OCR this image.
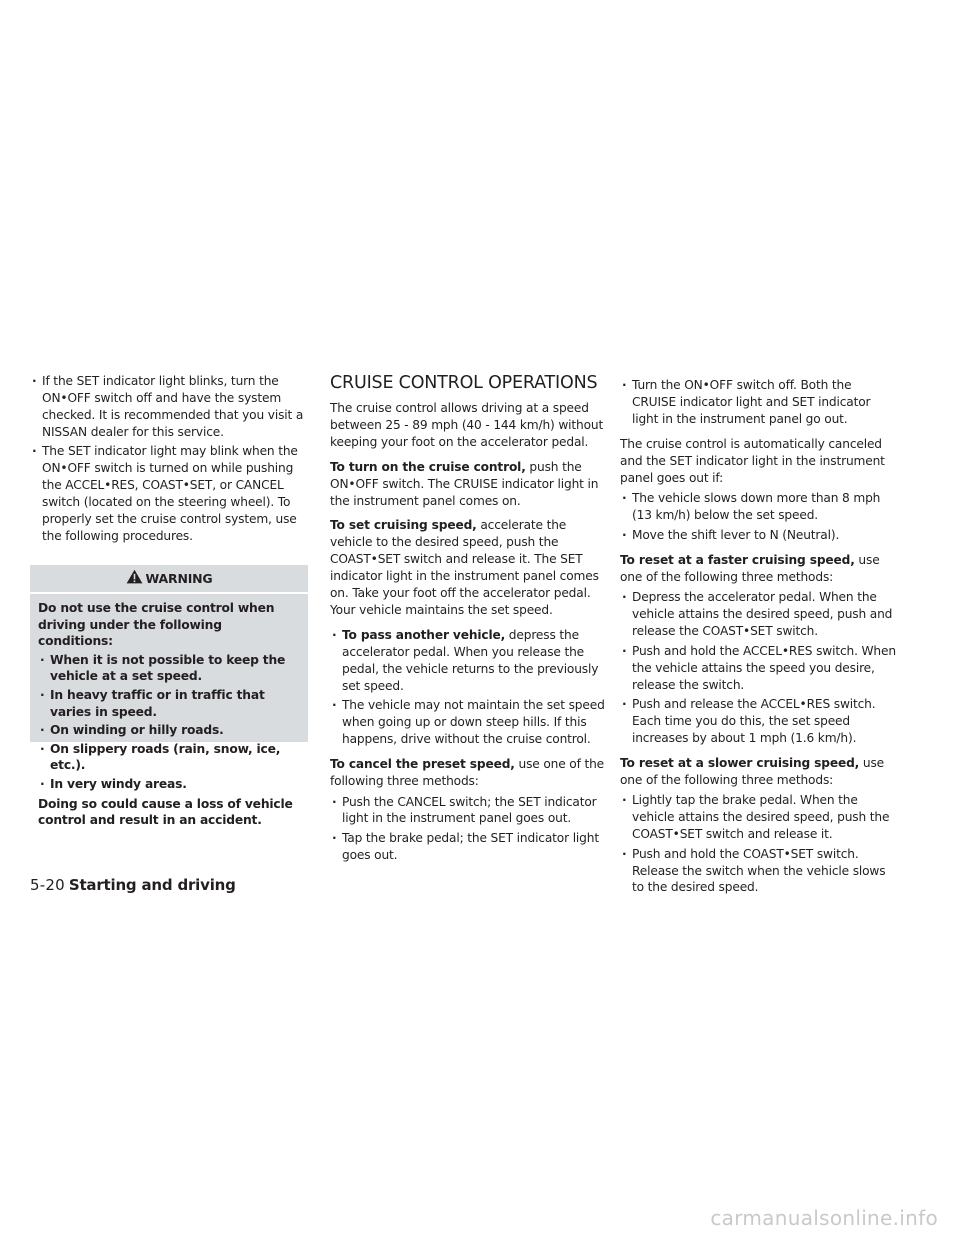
· If the SET indicator light blinks, turn the ON•OFF switch off and have the system checked. It is recommended that you visit a NISSAN dealer for this service.

· The SET indicator light may blink when the ON•OFF switch is turned on while pushing the ACCEL•RES, COAST•SET, or CANCEL switch (located on the steering wheel). To properly set the cruise control system, use the following procedures.

WARNING

Do not use the cruise control when driving under the following conditions:

· When it is not possible to keep the vehicle at a set speed.

· In heavy traffic or in traffic that varies in speed.

· On winding or hilly roads.

· On slippery roads (rain, snow, ice, etc.).

· In very windy areas.

Doing so could cause a loss of vehicle control and result in an accident.

CRUISE CONTROL OPERATIONS

The cruise control allows driving at a speed between 25 - 89 mph (40 - 144 km/h) without keeping your foot on the accelerator pedal.

To turn on the cruise control, push the ON•OFF switch. The CRUISE indicator light in the instrument panel comes on.

To set cruising speed, accelerate the vehicle to the desired speed, push the COAST•SET switch and release it. The SET indicator light in the instrument panel comes on. Take your foot off the accelerator pedal. Your vehicle maintains the set speed.

· To pass another vehicle, depress the accelerator pedal. When you release the pedal, the vehicle returns to the previously set speed.

· The vehicle may not maintain the set speed when going up or down steep hills. If this happens, drive without the cruise control.

To cancel the preset speed, use one of the following three methods:

· Push the CANCEL switch; the SET indicator light in the instrument panel goes out.

· Tap the brake pedal; the SET indicator light goes out.

· Turn the ON•OFF switch off. Both the CRUISE indicator light and SET indicator light in the instrument panel go out.

The cruise control is automatically canceled and the SET indicator light in the instrument panel goes out if:

· The vehicle slows down more than 8 mph (13 km/h) below the set speed.

· Move the shift lever to N (Neutral).

To reset at a faster cruising speed, use one of the following three methods:

· Depress the accelerator pedal. When the vehicle attains the desired speed, push and release the COAST•SET switch.

· Push and hold the ACCEL•RES switch. When the vehicle attains the speed you desire, release the switch.

· Push and release the ACCEL•RES switch. Each time you do this, the set speed increases by about 1 mph (1.6 km/h).

To reset at a slower cruising speed, use one of the following three methods:

· Lightly tap the brake pedal. When the vehicle attains the desired speed, push the COAST•SET switch and release it.

· Push and hold the COAST•SET switch. Release the switch when the vehicle slows to the desired speed.

5-20 Starting and driving
carmanualsonline.info
